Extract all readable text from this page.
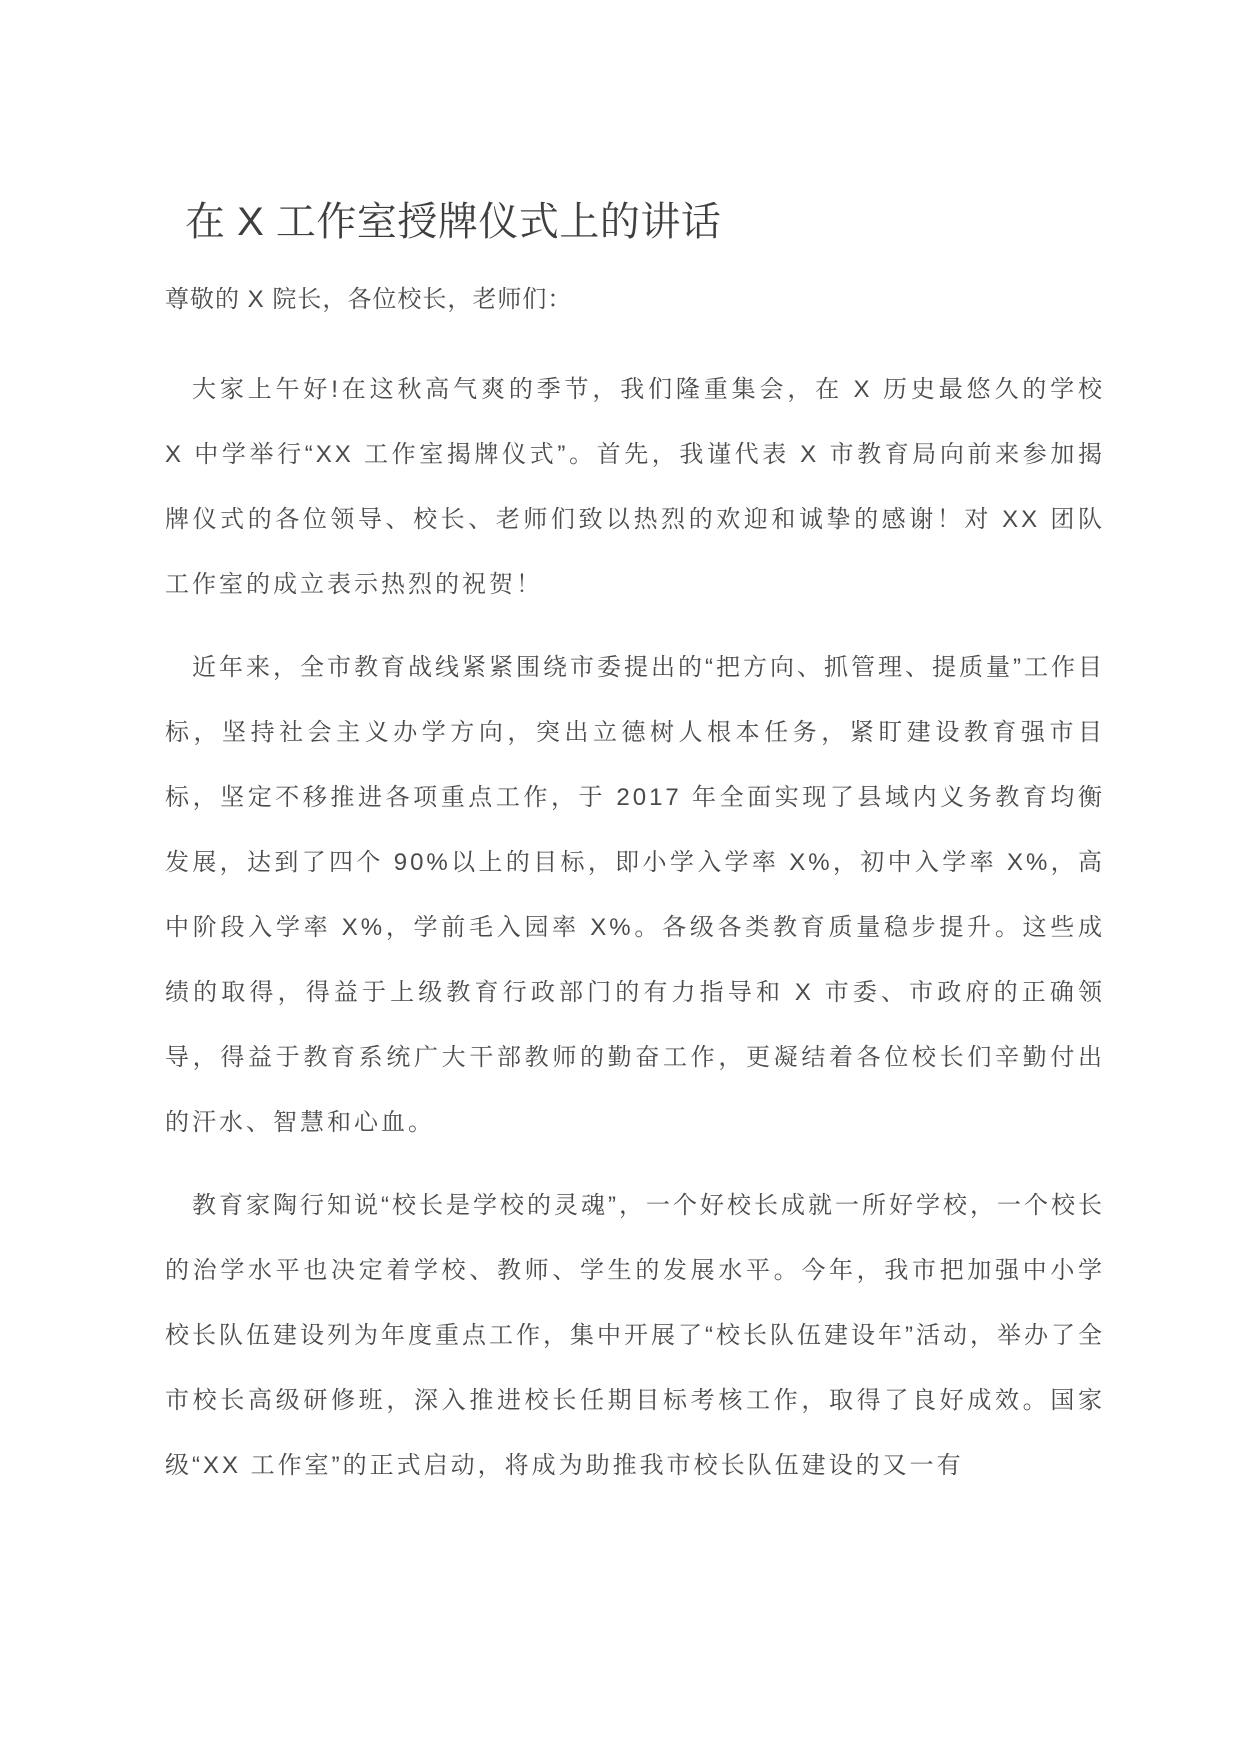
在 X 工作室授牌仪式上的讲话

尊敬的 X 院长，各位校长，老师们：

大家上午好!在这秋高气爽的季节，我们隆重集会，在 X 历史最悠久的学校 X 中学举行“XX 工作室揭牌仪式”。首先，我谨代表 X 市教育局向前来参加揭牌仪式的各位领导、校长、老师们致以热烈的欢迎和诚挚的感谢！对 XX 团队工作室的成立表示热烈的祝贺！

近年来，全市教育战线紧紧围绕市委提出的“把方向、抓管理、提质量”工作目标，坚持社会主义办学方向，突出立德树人根本任务，紧盯建设教育强市目标，坚定不移推进各项重点工作，于 2017 年全面实现了县域内义务教育均衡发展，达到了四个 90%以上的目标，即小学入学率 X%，初中入学率 X%，高中阶段入学率 X%，学前毛入园率 X%。各级各类教育质量稳步提升。这些成绩的取得，得益于上级教育行政部门的有力指导和 X 市委、市政府的正确领导，得益于教育系统广大干部教师的勤奋工作，更凝结着各位校长们辛勤付出的汗水、智慧和心血。

教育家陶行知说“校长是学校的灵魂”，一个好校长成就一所好学校，一个校长的治学水平也决定着学校、教师、学生的发展水平。今年，我市把加强中小学校长队伍建设列为年度重点工作，集中开展了“校长队伍建设年”活动，举办了全市校长高级研修班，深入推进校长任期目标考核工作，取得了良好成效。国家级“XX 工作室”的正式启动，将成为助推我市校长队伍建设的又一有
